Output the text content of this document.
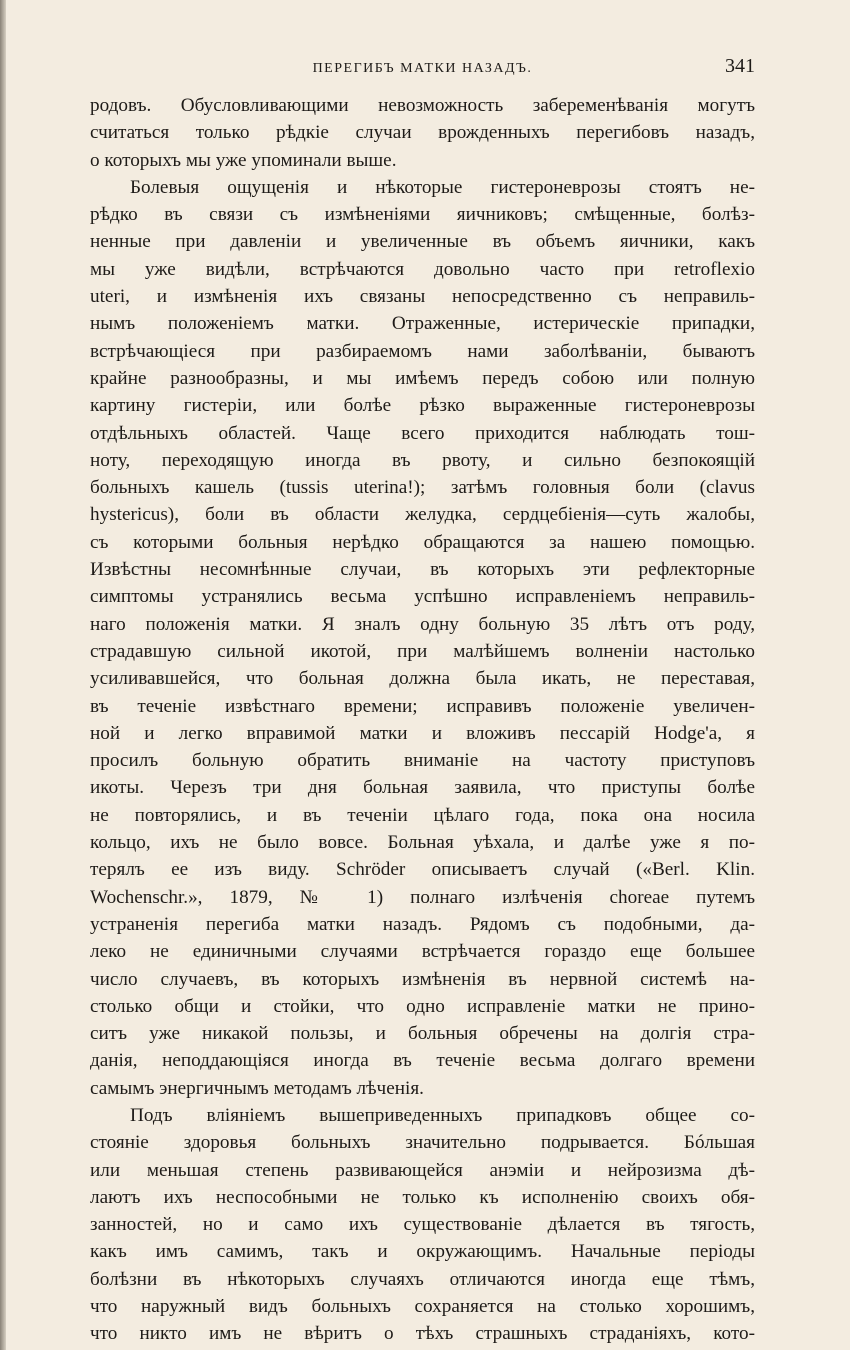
ПЕРЕГИБЪ МАТКИ НАЗАДЪ.	341
родовъ. Обусловливающими невозможность забеременѣванія могутъ
считаться только рѣдкіе случаи врожденныхъ перегибовъ назадъ,
о которыхъ мы уже упоминали выше.
Болевыя ощущенія и нѣкоторые гистероневрозы стоятъ не-
рѣдко въ связи съ измѣненіями яичниковъ; смѣщенные, болѣз-
ненные при давленіи и увеличенные въ объемъ яичники, какъ
мы уже видѣли, встрѣчаются довольно часто при retroflexio
uteri, и измѣненія ихъ связаны непосредственно съ неправиль-
нымъ положеніемъ матки. Отраженные, истерическіе припадки,
встрѣчающіеся при разбираемомъ нами заболѣваніи, бываютъ
крайне разнообразны, и мы имѣемъ передъ собою или полную
картину гистеріи, или болѣе рѣзко выраженные гистероневрозы
отдѣльныхъ областей. Чаще всего приходится наблюдать тош-
ноту, переходящую иногда въ рвоту, и сильно безпокоящій
больныхъ кашель (tussis uterina!); затѣмъ головныя боли (clavus
hystericus), боли въ области желудка, сердцебіенія—суть жалобы,
съ которыми больныя нерѣдко обращаются за нашею помощью.
Извѣстны несомнѣнные случаи, въ которыхъ эти рефлекторные
симптомы устранялись весьма успѣшно исправленіемъ неправиль-
наго положенія матки. Я зналъ одну больную 35 лѣтъ отъ роду,
страдавшую сильной икотой, при малѣйшемъ волненіи настолько
усиливавшейся, что больная должна была икать, не переставая,
въ теченіе извѣстнаго времени; исправивъ положеніе увеличен-
ной и легко вправимой матки и вложивъ пессарій Hodge'а, я
просилъ больную обратить вниманіе на частоту приступовъ
икоты. Черезъ три дня больная заявила, что приступы болѣе
не повторялись, и въ теченіи цѣлаго года, пока она носила
кольцо, ихъ не было вовсе. Больная уѣхала, и далѣе уже я по-
терялъ ее изъ виду. Schröder описываетъ случай («Berl. Klin.
Wochenschr.», 1879, № 1) полнаго излѣченія choreae путемъ
устраненія перегиба матки назадъ. Рядомъ съ подобными, да-
леко не единичными случаями встрѣчается гораздо еще большее
число случаевъ, въ которыхъ измѣненія въ нервной системѣ на-
столько общи и стойки, что одно исправленіе матки не прино-
ситъ уже никакой пользы, и больныя обречены на долгія стра-
данія, неподдающіяся иногда въ теченіе весьма долгаго времени
самымъ энергичнымъ методамъ лѣченія.
Подъ вліяніемъ вышеприведенныхъ припадковъ общее со-
стояніе здоровья больныхъ значительно подрывается. Бóльшая
или меньшая степень развивающейся анэміи и нейрозизма дѣ-
лаютъ ихъ неспособными не только къ исполненію своихъ обя-
занностей, но и само ихъ существованіе дѣлается въ тягость,
какъ имъ самимъ, такъ и окружающимъ. Начальные періоды
болѣзни въ нѣкоторыхъ случаяхъ отличаются иногда еще тѣмъ,
что наружный видъ больныхъ сохраняется на столько хорошимъ,
что никто имъ не вѣритъ о тѣхъ страшныхъ страданіяхъ, кото-
